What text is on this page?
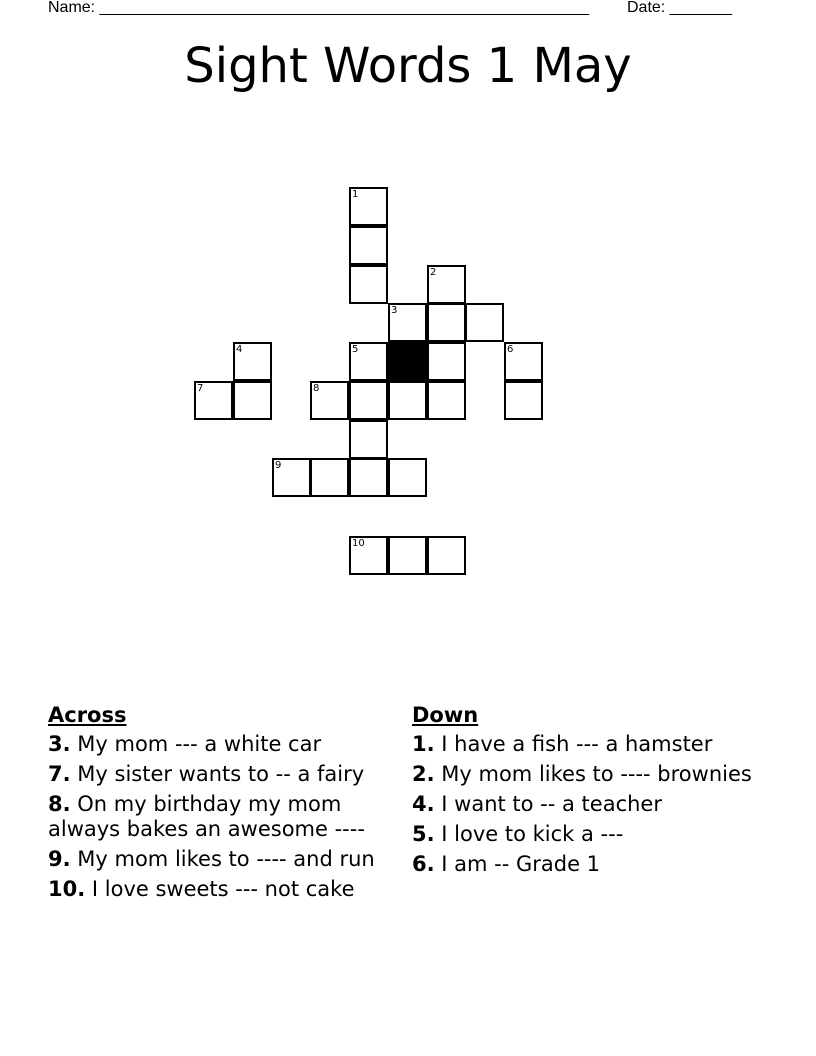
Name: _______________________________________________________ Date: _______
Sight Words 1 May
1
2
3
4	5	6
7	8
9
10
Across
3. My mom --- a white car
7. My sister wants to -- a fairy
8. On my birthday my mom always bakes an awesome ----
9. My mom likes to ---- and run
10. I love sweets --- not cake
Down
1. I have a fish --- a hamster
2. My mom likes to ---- brownies
4. I want to -- a teacher
5. I love to kick a ---
6. I am -- Grade 1
